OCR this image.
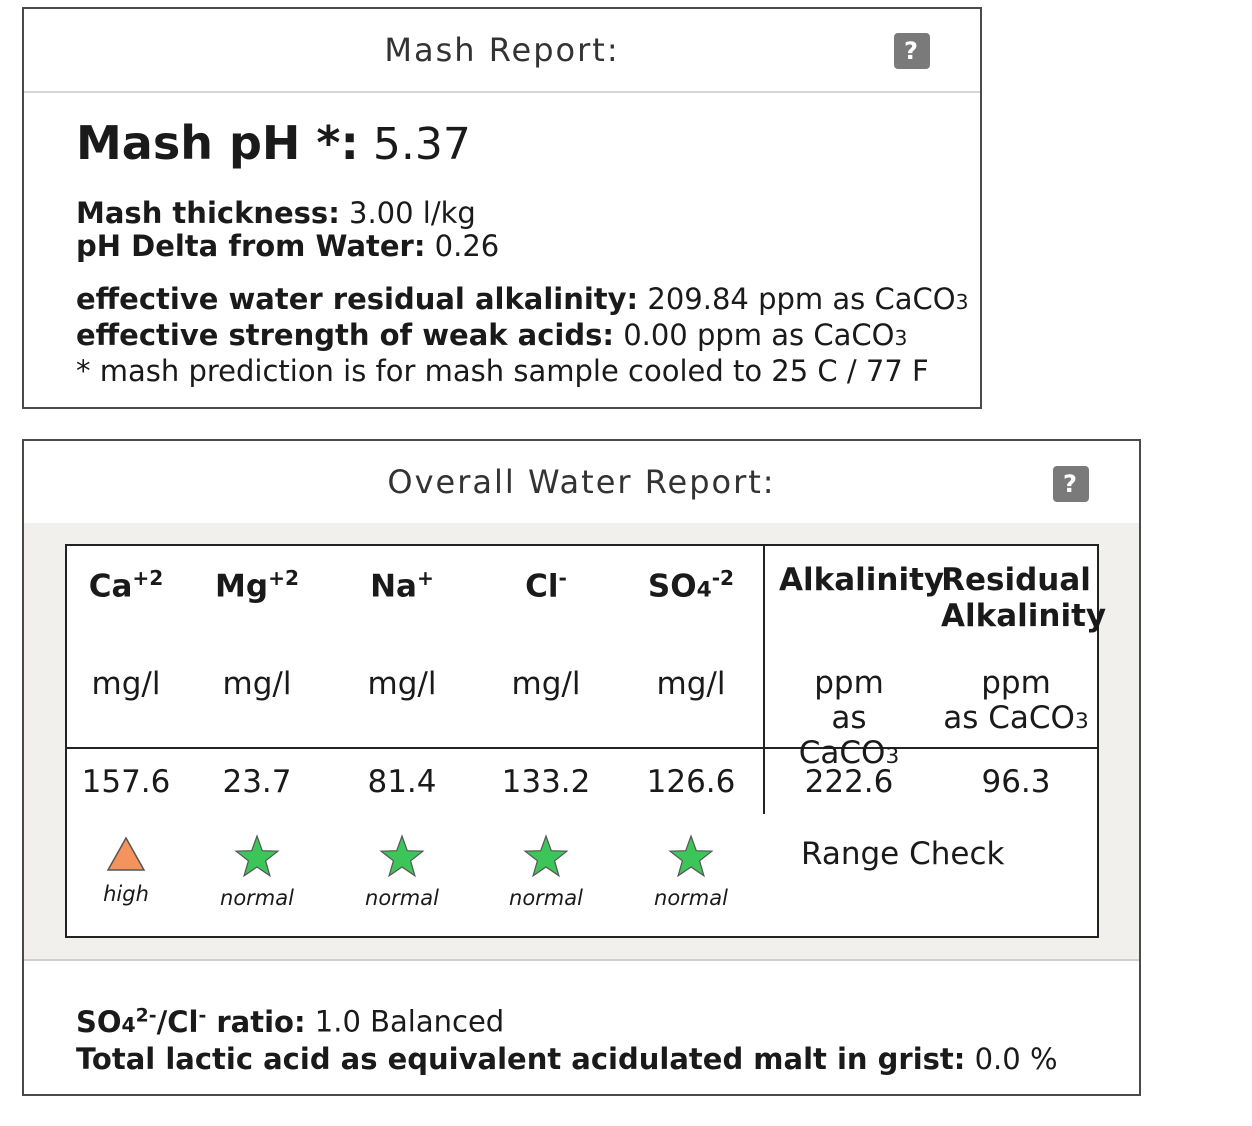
Mash Report:	?
Mash pH *: 5.37
Mash thickness: 3.00 l/kg
pH Delta from Water: 0.26
effective water residual alkalinity: 209.84 ppm as CaCO3
effective strength of weak acids: 0.00 ppm as CaCO3
* mash prediction is for mash sample cooled to 25 C / 77 F
Overall Water Report:	?
Alkalinity
ppm
as CaCO3
222.6
Residual
Alkalinity
ppm
as CaCO3
96.3
Range Check
$Ca^{+2}$
mg/l
157.6
high
$Mg^{+2}$
mg/l
23.7
normal
Na+
mg/l
81.4
normal
Cl-
mg/l
133.2
normal
$SO4^{-2}$
mg/l
126.6
normal
$SO4^{2-}/Cl^-$ ratio: 1.0 Balanced
Total lactic acid as equivalent acidulated malt in grist: 0.0 %
